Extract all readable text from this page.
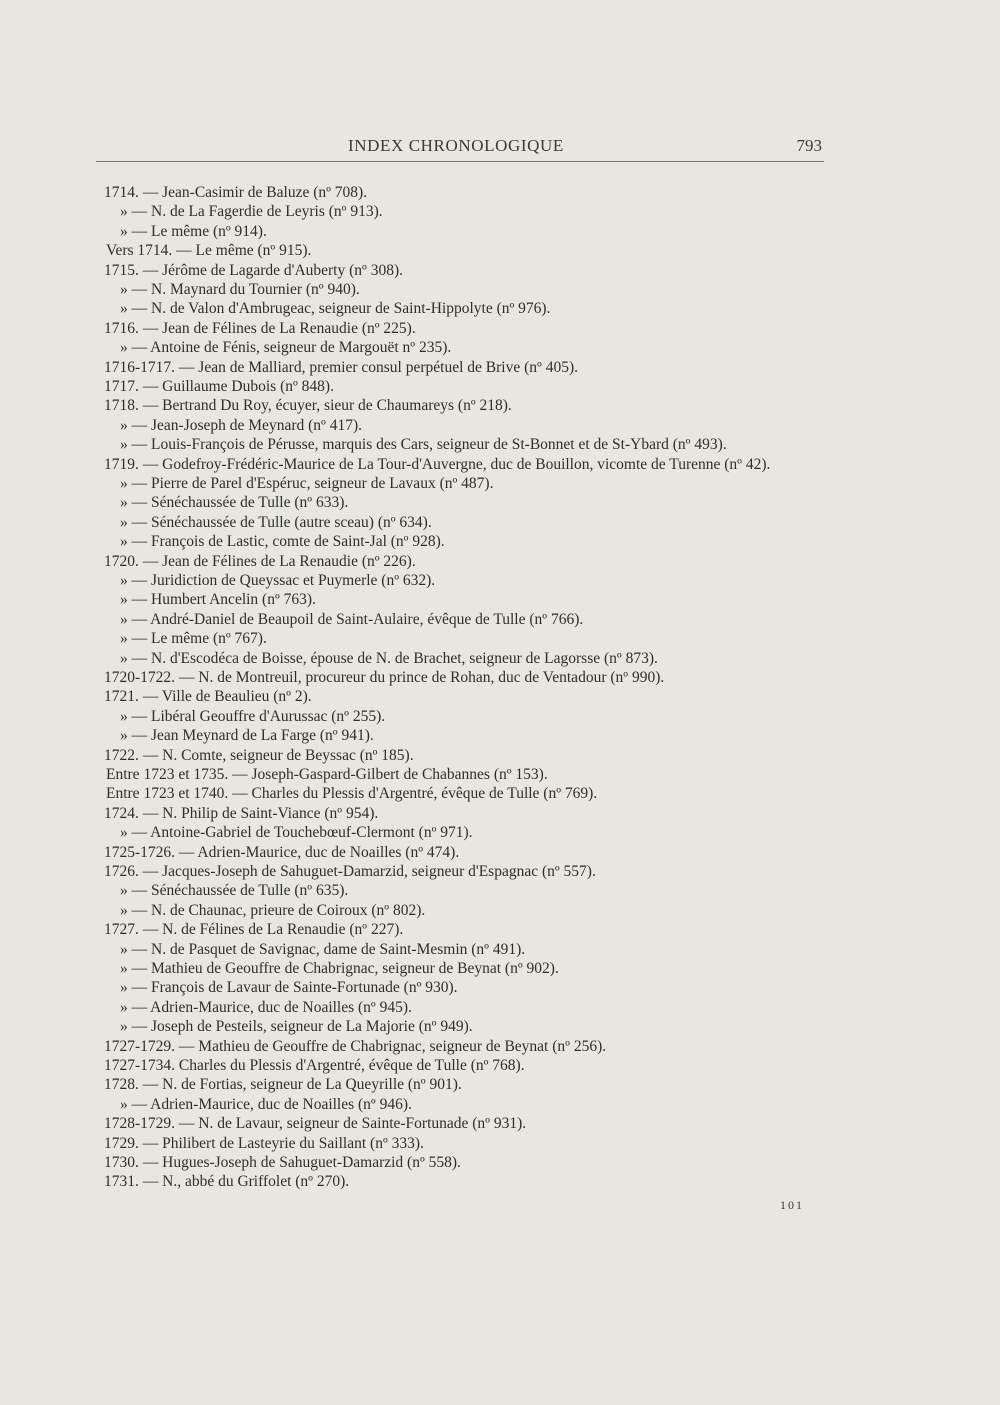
INDEX CHRONOLOGIQUE	793
1714. — Jean-Casimir de Baluze (nº 708).
» — N. de La Fagerdie de Leyris (nº 913).
» — Le même (nº 914).
Vers 1714. — Le même (nº 915).
1715. — Jérôme de Lagarde d'Auberty (nº 308).
» — N. Maynard du Tournier (nº 940).
» — N. de Valon d'Ambrugeac, seigneur de Saint-Hippolyte (nº 976).
1716. — Jean de Félines de La Renaudie (nº 225).
» — Antoine de Fénis, seigneur de Margouët nº 235).
1716-1717. — Jean de Malliard, premier consul perpétuel de Brive (nº 405).
1717. — Guillaume Dubois (nº 848).
1718. — Bertrand Du Roy, écuyer, sieur de Chaumareys (nº 218).
» — Jean-Joseph de Meynard (nº 417).
» — Louis-François de Pérusse, marquis des Cars, seigneur de St-Bonnet et de St-Ybard (nº 493).
1719. — Godefroy-Frédéric-Maurice de La Tour-d'Auvergne, duc de Bouillon, vicomte de Turenne (nº 42).
» — Pierre de Parel d'Espéruc, seigneur de Lavaux (nº 487).
» — Sénéchaussée de Tulle (nº 633).
» — Sénéchaussée de Tulle (autre sceau) (nº 634).
» — François de Lastic, comte de Saint-Jal (nº 928).
1720. — Jean de Félines de La Renaudie (nº 226).
» — Juridiction de Queyssac et Puymerle (nº 632).
» — Humbert Ancelin (nº 763).
» — André-Daniel de Beaupoil de Saint-Aulaire, évêque de Tulle (nº 766).
» — Le même (nº 767).
» — N. d'Escodéca de Boisse, épouse de N. de Brachet, seigneur de Lagorsse (nº 873).
1720-1722. — N. de Montreuil, procureur du prince de Rohan, duc de Ventadour (nº 990).
1721. — Ville de Beaulieu (nº 2).
» — Libéral Geouffre d'Aurussac (nº 255).
» — Jean Meynard de La Farge (nº 941).
1722. — N. Comte, seigneur de Beyssac (nº 185).
Entre 1723 et 1735. — Joseph-Gaspard-Gilbert de Chabannes (nº 153).
Entre 1723 et 1740. — Charles du Plessis d'Argentré, évêque de Tulle (nº 769).
1724. — N. Philip de Saint-Viance (nº 954).
» — Antoine-Gabriel de Touchebœuf-Clermont (nº 971).
1725-1726. — Adrien-Maurice, duc de Noailles (nº 474).
1726. — Jacques-Joseph de Sahuguet-Damarzid, seigneur d'Espagnac (nº 557).
» — Sénéchaussée de Tulle (nº 635).
» — N. de Chaunac, prieure de Coiroux (nº 802).
1727. — N. de Félines de La Renaudie (nº 227).
» — N. de Pasquet de Savignac, dame de Saint-Mesmin (nº 491).
» — Mathieu de Geouffre de Chabrignac, seigneur de Beynat (nº 902).
» — François de Lavaur de Sainte-Fortunade (nº 930).
» — Adrien-Maurice, duc de Noailles (nº 945).
» — Joseph de Pesteils, seigneur de La Majorie (nº 949).
1727-1729. — Mathieu de Geouffre de Chabrignac, seigneur de Beynat (nº 256).
1727-1734. Charles du Plessis d'Argentré, évêque de Tulle (nº 768).
1728. — N. de Fortias, seigneur de La Queyrille (nº 901).
» — Adrien-Maurice, duc de Noailles (nº 946).
1728-1729. — N. de Lavaur, seigneur de Sainte-Fortunade (nº 931).
1729. — Philibert de Lasteyrie du Saillant (nº 333).
1730. — Hugues-Joseph de Sahuguet-Damarzid (nº 558).
1731. — N., abbé du Griffolet (nº 270).
101
